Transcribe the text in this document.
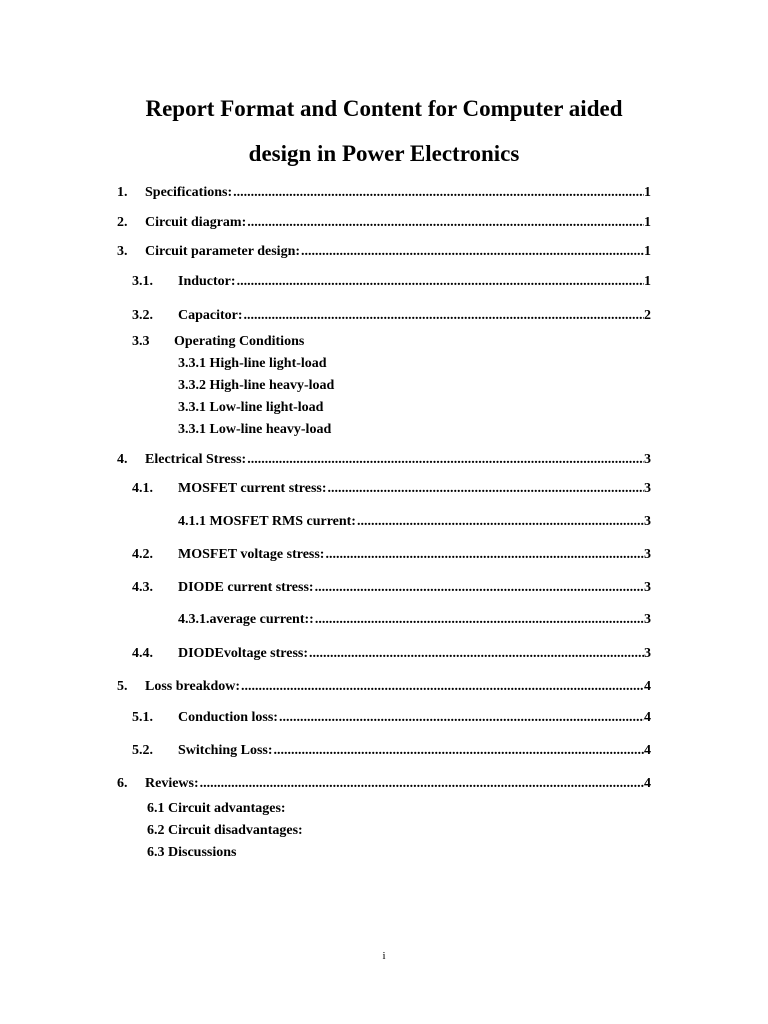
Report Format and Content for Computer aided
design in Power Electronics
1. Specifications: .....	1
2. Circuit diagram: .....	1
3. Circuit parameter design: .....	1
3.1. Inductor: .....	1
3.2. Capacitor: .....	2
3.3 Operating Conditions
3.3.1 High-line light-load
3.3.2 High-line heavy-load
3.3.1 Low-line light-load
3.3.1 Low-line heavy-load
4. Electrical Stress: .....	3
4.1. MOSFET current stress: .....	3
4.1.1 MOSFET RMS current: .....	3
4.2. MOSFET voltage stress: .....	3
4.3. DIODE current stress: .....	3
4.3.1.average current:: .....	3
4.4. DIODEvoltage stress: .....	3
5. Loss breakdow: .....	4
5.1. Conduction loss: .....	4
5.2. Switching Loss: .....	4
6. Reviews: .....	4
6.1 Circuit advantages:
6.2 Circuit disadvantages:
6.3 Discussions
i
